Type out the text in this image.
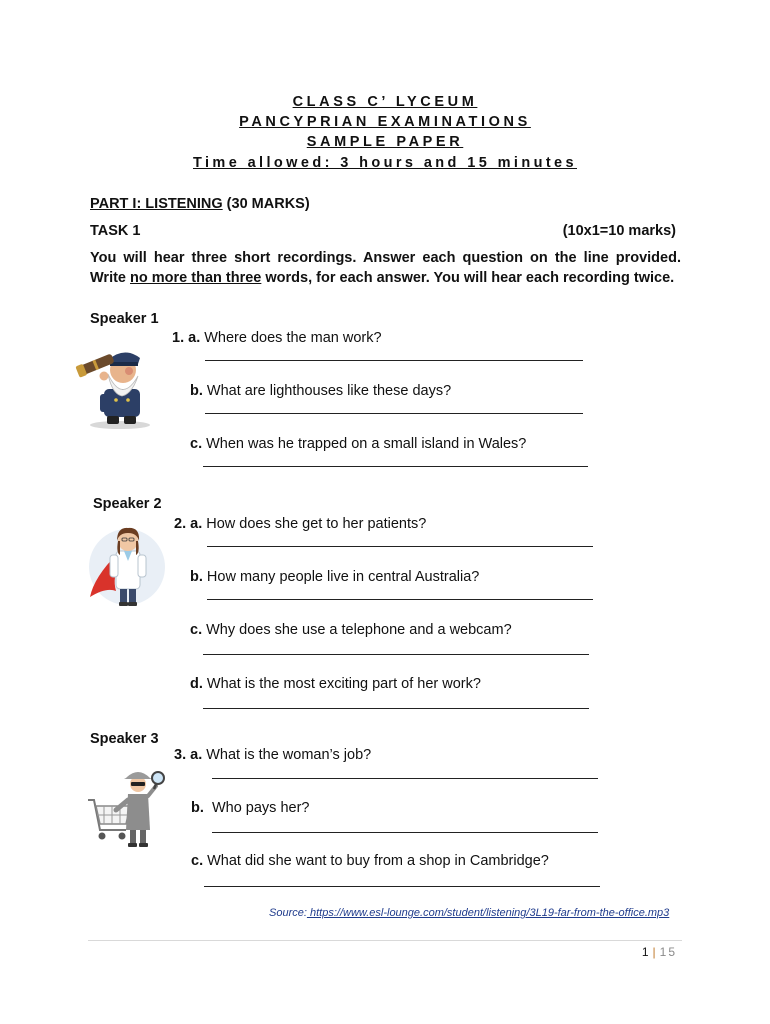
CLASS C’ LYCEUM
PANCYPRIAN EXAMINATIONS
SAMPLE PAPER
Time allowed: 3 hours and 15 minutes
PART I: LISTENING (30 MARKS)
TASK 1	(10x1=10 marks)
You will hear three short recordings. Answer each question on the line provided. Write no more than three words, for each answer. You will hear each recording twice.
Speaker 1
1. a. Where does the man work?
b. What are lighthouses like these days?
c. When was he trapped on a small island in Wales?
Speaker 2
2. a. How does she get to her patients?
b. How many people live in central Australia?
c. Why does she use a telephone and a webcam?
d. What is the most exciting part of her work?
Speaker 3
3. a. What is the woman’s job?
b.  Who pays her?
c. What did she want to buy from a shop in Cambridge?
Source: https://www.esl-lounge.com/student/listening/3L19-far-from-the-office.mp3
1 | 15
